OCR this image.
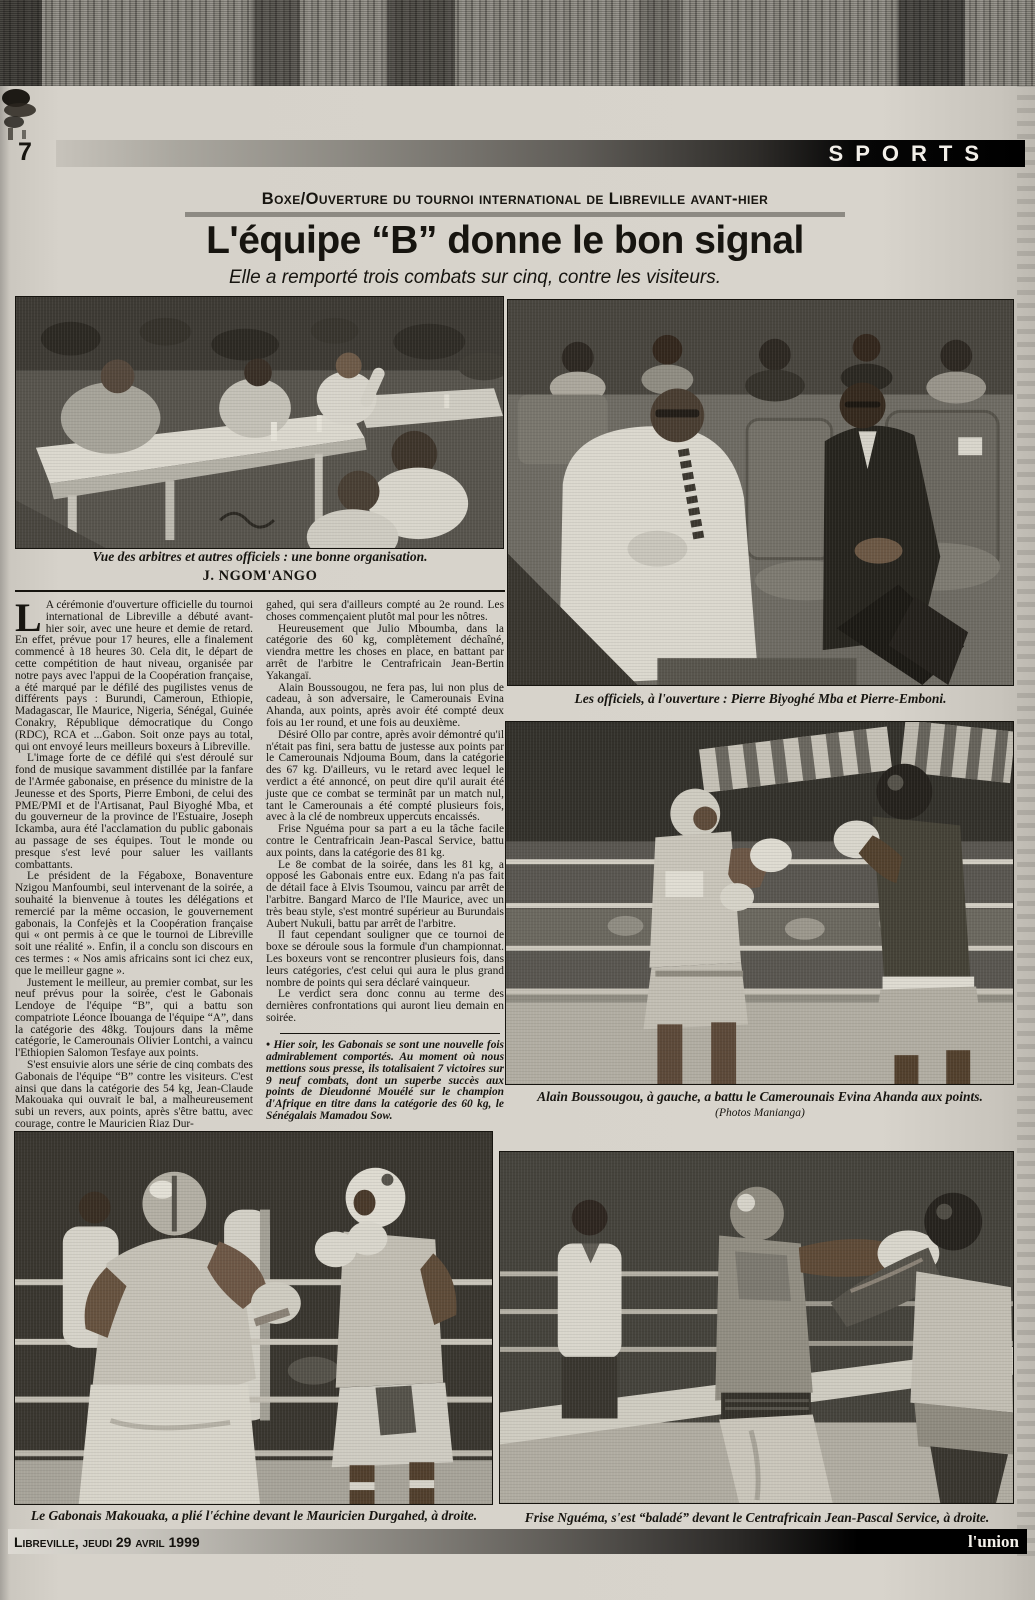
7	SPORTS
Boxe/Ouverture du tournoi international de Libreville avant-hier
L'équipe “B” donne le bon signal
Elle a remporté trois combats sur cinq, contre les visiteurs.
Vue des arbitres et autres officiels : une bonne organisation.
J. NGOM'ANGO
Les officiels, à l'ouverture : Pierre Biyoghé Mba et Pierre-Emboni.
Alain Boussougou, à gauche, a battu le Camerounais Evina Ahanda aux points.
(Photos Manianga)

L A cérémonie d'ouverture officielle du tournoi international de Libreville a débuté avant-hier soir, avec une heure et demie de retard. En effet, prévue pour 17 heures, elle a finalement commencé à 18 heures 30. Cela dit, le départ de cette compétition de haut niveau, organisée par notre pays avec l'appui de la Coopération française, a été marqué par le défilé des pugilistes venus de différents pays : Burundi, Cameroun, Ethiopie, Madagascar, Ile Maurice, Nigeria, Sénégal, Guinée Conakry, République démocratique du Congo (RDC), RCA et ...Gabon. Soit onze pays au total, qui ont envoyé leurs meilleurs boxeurs à Libreville.

L'image forte de ce défilé qui s'est déroulé sur fond de musique savamment distillée par la fanfare de l'Armée gabonaise, en présence du ministre de la Jeunesse et des Sports, Pierre Emboni, de celui des PME/PMI et de l'Artisanat, Paul Biyoghé Mba, et du gouverneur de la province de l'Estuaire, Joseph Ickamba, aura été l'acclamation du public gabonais au passage de ses équipes. Tout le monde ou presque s'est levé pour saluer les vaillants combattants.

Le président de la Fégaboxe, Bonaventure Nzigou Manfoumbi, seul intervenant de la soirée, a souhaité la bienvenue à toutes les délégations et remercié par la même occasion, le gouvernement gabonais, la Confejès et la Coopération française qui « ont permis à ce que le tournoi de Libreville soit une réalité ». Enfin, il a conclu son discours en ces termes : « Nos amis africains sont ici chez eux, que le meilleur gagne ».

Justement le meilleur, au premier combat, sur les neuf prévus pour la soirée, c'est le Gabonais Lendoye de l'équipe “B”, qui a battu son compatriote Léonce Ibouanga de l'équipe “A”, dans la catégorie des 48kg. Toujours dans la même catégorie, le Camerounais Olivier Lontchi, a vaincu l'Ethiopien Salomon Tesfaye aux points.

S'est ensuivie alors une série de cinq combats des Gabonais de l'équipe “B” contre les visiteurs. C'est ainsi que dans la catégorie des 54 kg, Jean-Claude Makouaka qui ouvrait le bal, a malheureusement subi un revers, aux points, après s'être battu, avec courage, contre le Mauricien Riaz Dur-

gahed, qui sera d'ailleurs compté au 2e round. Les choses commençaient plutôt mal pour les nôtres.

Heureusement que Julio Mboumba, dans la catégorie des 60 kg, complètement déchaîné, viendra mettre les choses en place, en battant par arrêt de l'arbitre le Centrafricain Jean-Bertin Yakangaï.

Alain Boussougou, ne fera pas, lui non plus de cadeau, à son adversaire, le Camerounais Evina Ahanda, aux points, après avoir été compté deux fois au 1er round, et une fois au deuxième.

Désiré Ollo par contre, après avoir démontré qu'il n'était pas fini, sera battu de justesse aux points par le Camerounais Ndjouma Boum, dans la catégorie des 67 kg. D'ailleurs, vu le retard avec lequel le verdict a été annoncé, on peut dire qu'il aurait été juste que ce combat se terminât par un match nul, tant le Camerounais a été compté plusieurs fois, avec à la clé de nombreux uppercuts encaissés.

Frise Nguéma pour sa part a eu la tâche facile contre le Centrafricain Jean-Pascal Service, battu aux points, dans la catégorie des 81 kg.

Le 8e combat de la soirée, dans les 81 kg, a opposé les Gabonais entre eux. Edang n'a pas fait de détail face à Elvis Tsoumou, vaincu par arrêt de l'arbitre. Bangard Marco de l'Ile Maurice, avec un très beau style, s'est montré supérieur au Burundais Aubert Nukuli, battu par arrêt de l'arbitre.

Il faut cependant souligner que ce tournoi de boxe se déroule sous la formule d'un championnat. Les boxeurs vont se rencontrer plusieurs fois, dans leurs catégories, c'est celui qui aura le plus grand nombre de points qui sera déclaré vainqueur.

Le verdict sera donc connu au terme des dernières confrontations qui auront lieu demain en soirée.

• Hier soir, les Gabonais se sont une nouvelle fois admirablement comportés. Au moment où nous mettions sous presse, ils totalisaient 7 victoires sur 9 neuf combats, dont un superbe succès aux points de Dieudonné Mouélé sur le champion d'Afrique en titre dans la catégorie des 60 kg, le Sénégalais Mamadou Sow.

Le Gabonais Makouaka, a plié l'échine devant le Mauricien Durgahed, à droite.	Frise Nguéma, s'est “baladé” devant le Centrafricain Jean-Pascal Service, à droite.
Libreville, jeudi 29 avril 1999	l'union
